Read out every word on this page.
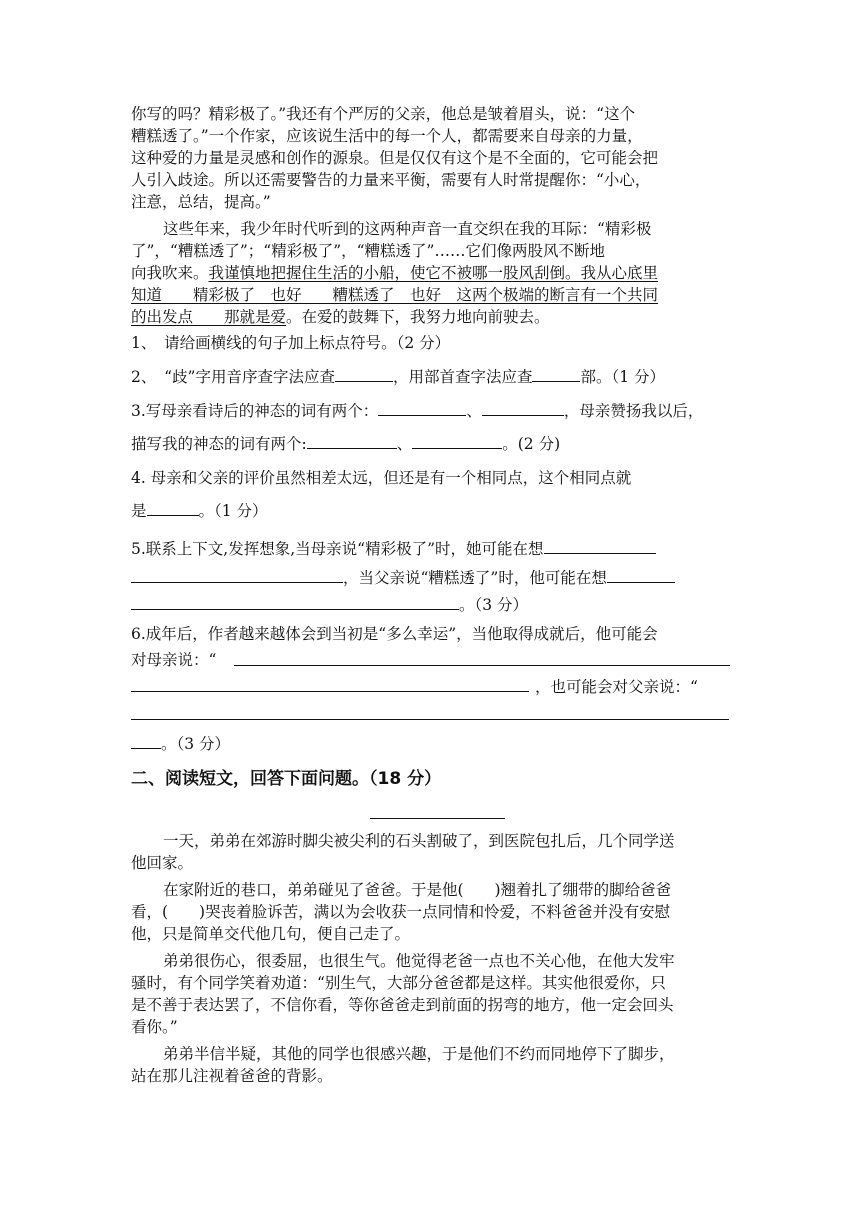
你写的吗？精彩极了。”我还有个严厉的父亲，他总是皱着眉头，说：“这个
糟糕透了。”一个作家，应该说生活中的每一个人，都需要来自母亲的力量，
这种爱的力量是灵感和创作的源泉。但是仅仅有这个是不全面的，它可能会把
人引入歧途。所以还需要警告的力量来平衡，需要有人时常提醒你：“小心，
注意，总结，提高。”
这些年来，我少年时代听到的这两种声音一直交织在我的耳际：“精彩极
了”，“糟糕透了”；“精彩极了”，“糟糕透了”……它们像两股风不断地
向我吹来。我谨慎地把握住生活的小船，使它不被哪一股风刮倒。我从心底里
知道　　精彩极了　也好　　糟糕透了　也好　这两个极端的断言有一个共同
的出发点　　那就是爱。在爱的鼓舞下，我努力地向前驶去。
1、　请给画横线的句子加上标点符号。（2 分）
2、　“歧”字用音序查字法应查	，用部首查字法应查	部。（1 分）
3.写母亲看诗后的神态的词有两个：	、	，母亲赞扬我以后，
描写我的神态的词有两个:	、	。(2 分)
4. 母亲和父亲的评价虽然相差太远，但还是有一个相同点，这个相同点就
是	。（1 分）
5.联系上下文,发挥想象,当母亲说“精彩极了”时，她可能在想
，当父亲说“糟糕透了”时，他可能在想
。（3 分）
6.成年后，作者越来越体会到当初是“多么幸运”，当他取得成就后，他可能会
对母亲说：“
，也可能会对父亲说：“
。（3 分）
二、阅读短文，回答下面问题。（18 分）
一天，弟弟在郊游时脚尖被尖利的石头割破了，到医院包扎后，几个同学送
他回家。
在家附近的巷口，弟弟碰见了爸爸。于是他(　　)翘着扎了绷带的脚给爸爸
看，(　　)哭丧着脸诉苦，满以为会收获一点同情和怜爱，不料爸爸并没有安慰
他，只是简单交代他几句，便自己走了。
弟弟很伤心，很委屈，也很生气。他觉得老爸一点也不关心他，在他大发牢
骚时，有个同学笑着劝道：“别生气，大部分爸爸都是这样。其实他很爱你，只
是不善于表达罢了，不信你看，等你爸爸走到前面的拐弯的地方，他一定会回头
看你。”
弟弟半信半疑，其他的同学也很感兴趣，于是他们不约而同地停下了脚步，
站在那儿注视着爸爸的背影。
